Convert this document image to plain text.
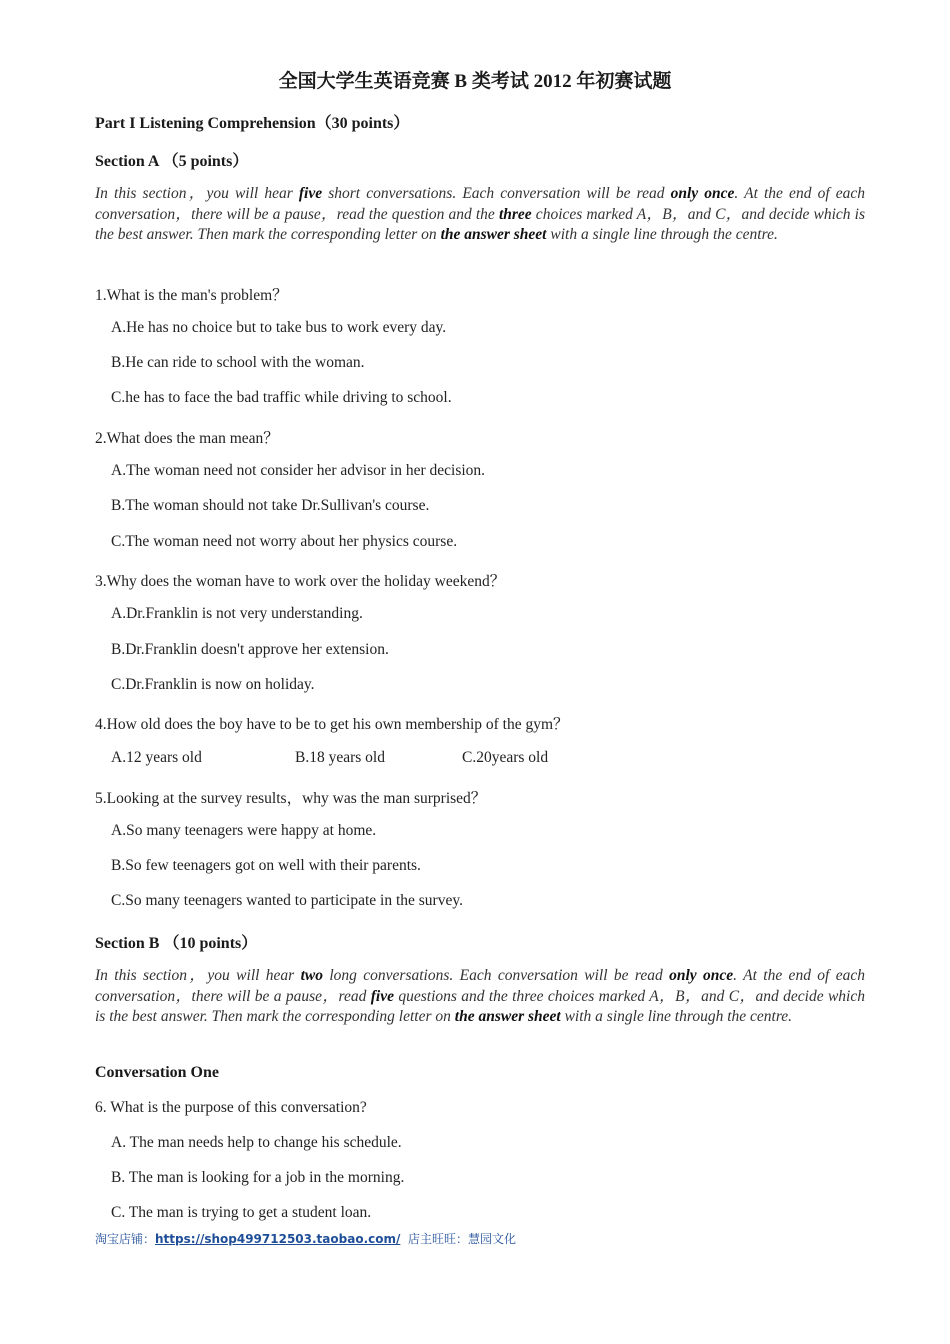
全国大学生英语竞赛 B 类考试 2012 年初赛试题
Part I Listening Comprehension（30 points）
Section A （5 points）
In this section，you will hear five short conversations. Each conversation will be read only once. At the end of each conversation，there will be a pause，read the question and the three choices marked A，B，and C，and decide which is the best answer. Then mark the corresponding letter on the answer sheet with a single line through the centre.
1.What is the man's problem？
A.He has no choice but to take bus to work every day.
B.He can ride to school with the woman.
C.he has to face the bad traffic while driving to school.
2.What does the man mean？
A.The woman need not consider her advisor in her decision.
B.The woman should not take Dr.Sullivan's course.
C.The woman need not worry about her physics course.
3.Why does the woman have to work over the holiday weekend？
A.Dr.Franklin is not very understanding.
B.Dr.Franklin doesn't approve her extension.
C.Dr.Franklin is now on holiday.
4.How old does the boy have to be to get his own membership of the gym？
A.12 years old	B.18 years old	C.20years old
5.Looking at the survey results，why was the man surprised？
A.So many teenagers were happy at home.
B.So few teenagers got on well with their parents.
C.So many teenagers wanted to participate in the survey.
Section B （10 points）
In this section，you will hear two long conversations. Each conversation will be read only once. At the end of each conversation，there will be a pause，read five questions and the three choices marked A，B，and C，and decide which is the best answer. Then mark the corresponding letter on the answer sheet with a single line through the centre.
Conversation One
6. What is the purpose of this conversation?
A. The man needs help to change his schedule.
B. The man is looking for a job in the morning.
C. The man is trying to get a student loan.
淘宝店铺：https://shop499712503.taobao.com/ 店主旺旺：慧园文化
